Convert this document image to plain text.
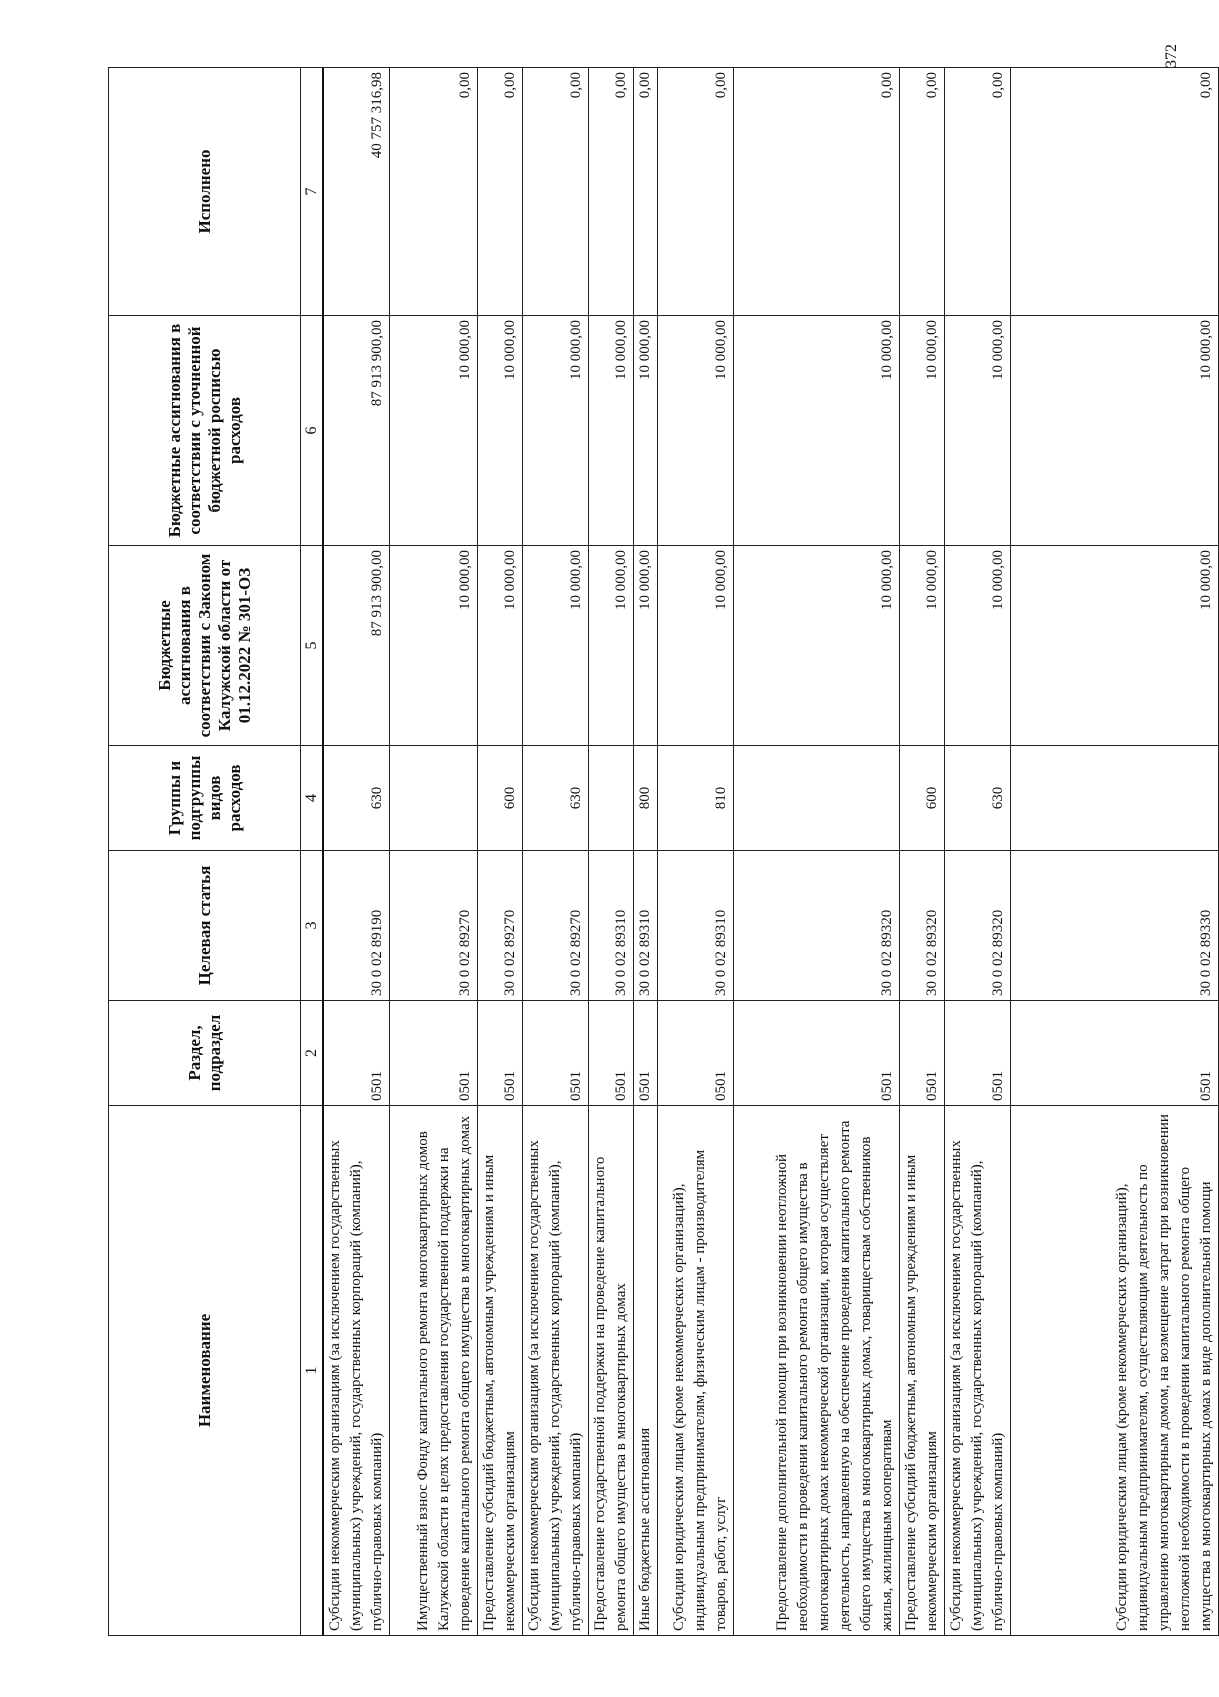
372
Наименование	Раздел, подраздел	Целевая статья	Группы и подгруппы видов расходов	Бюджетные ассигнования в соответствии с Законом Калужской области от 01.12.2022 № 301-ОЗ	Бюджетные ассигнования в соответствии с уточненной бюджетной росписью расходов	Исполнено
1	2	3	4	5	6	7
Субсидии некоммерческим организациям (за исключением государственных (муниципальных) учреждений, государственных корпораций (компаний), публично-правовых компаний)	0501	30 0 02 89190	630	87 913 900,00	87 913 900,00	40 757 316,98
Имущественный взнос Фонду капитального ремонта многоквартирных домов Калужской области в целях предоставления государственной поддержки на проведение капитального ремонта общего имущества в многоквартирных домах	0501	30 0 02 89270		10 000,00	10 000,00	0,00
Предоставление субсидий бюджетным, автономным учреждениям и иным некоммерческим организациям	0501	30 0 02 89270	600	10 000,00	10 000,00	0,00
Субсидии некоммерческим организациям (за исключением государственных (муниципальных) учреждений, государственных корпораций (компаний), публично-правовых компаний)	0501	30 0 02 89270	630	10 000,00	10 000,00	0,00
Предоставление государственной поддержки на проведение капитального ремонта общего имущества в многоквартирных домах	0501	30 0 02 89310		10 000,00	10 000,00	0,00
Иные бюджетные ассигнования	0501	30 0 02 89310	800	10 000,00	10 000,00	0,00
Субсидии юридическим лицам (кроме некоммерческих организаций), индивидуальным предпринимателям, физическим лицам - производителям товаров, работ, услуг	0501	30 0 02 89310	810	10 000,00	10 000,00	0,00
Предоставление дополнительной помощи при возникновении неотложной необходимости в проведении капитального ремонта общего имущества в многоквартирных домах некоммерческой организации, которая осуществляет деятельность, направленную на обеспечение проведения капитального ремонта общего имущества в многоквартирных домах, товариществам собственников жилья, жилищным кооперативам	0501	30 0 02 89320		10 000,00	10 000,00	0,00
Предоставление субсидий бюджетным, автономным учреждениям и иным некоммерческим организациям	0501	30 0 02 89320	600	10 000,00	10 000,00	0,00
Субсидии некоммерческим организациям (за исключением государственных (муниципальных) учреждений, государственных корпораций (компаний), публично-правовых компаний)	0501	30 0 02 89320	630	10 000,00	10 000,00	0,00
Субсидии юридическим лицам (кроме некоммерческих организаций), индивидуальным предпринимателям, осуществляющим деятельность по управлению многоквартирным домом, на возмещение затрат при возникновении неотложной необходимости в проведении капитального ремонта общего имущества в многоквартирных домах в виде дополнительной помощи	0501	30 0 02 89330		10 000,00	10 000,00	0,00
